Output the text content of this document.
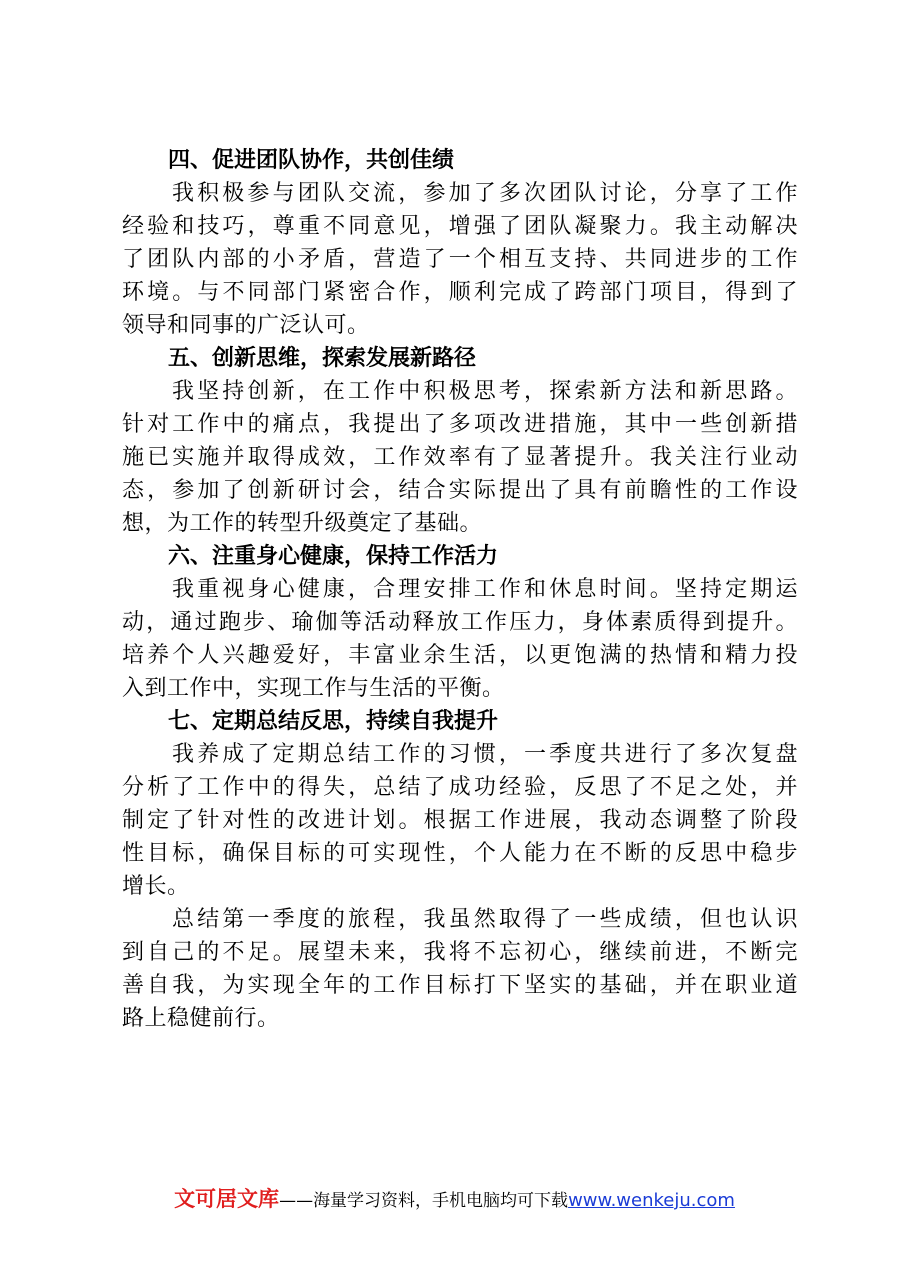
四、促进团队协作，共创佳绩
我积极参与团队交流，参加了多次团队讨论，分享了工作
经验和技巧，尊重不同意见，增强了团队凝聚力。我主动解决
了团队内部的小矛盾，营造了一个相互支持、共同进步的工作
环境。与不同部门紧密合作，顺利完成了跨部门项目，得到了
领导和同事的广泛认可。
五、创新思维，探索发展新路径
我坚持创新，在工作中积极思考，探索新方法和新思路。
针对工作中的痛点，我提出了多项改进措施，其中一些创新措
施已实施并取得成效，工作效率有了显著提升。我关注行业动
态，参加了创新研讨会，结合实际提出了具有前瞻性的工作设
想，为工作的转型升级奠定了基础。
六、注重身心健康，保持工作活力
我重视身心健康，合理安排工作和休息时间。坚持定期运
动，通过跑步、瑜伽等活动释放工作压力，身体素质得到提升。
培养个人兴趣爱好，丰富业余生活，以更饱满的热情和精力投
入到工作中，实现工作与生活的平衡。
七、定期总结反思，持续自我提升
我养成了定期总结工作的习惯，一季度共进行了多次复盘
分析了工作中的得失，总结了成功经验，反思了不足之处，并
制定了针对性的改进计划。根据工作进展，我动态调整了阶段
性目标，确保目标的可实现性，个人能力在不断的反思中稳步
增长。
总结第一季度的旅程，我虽然取得了一些成绩，但也认识
到自己的不足。展望未来，我将不忘初心，继续前进，不断完
善自我，为实现全年的工作目标打下坚实的基础，并在职业道
路上稳健前行。
文可居文库——海量学习资料，手机电脑均可下载www.wenkeju.com
